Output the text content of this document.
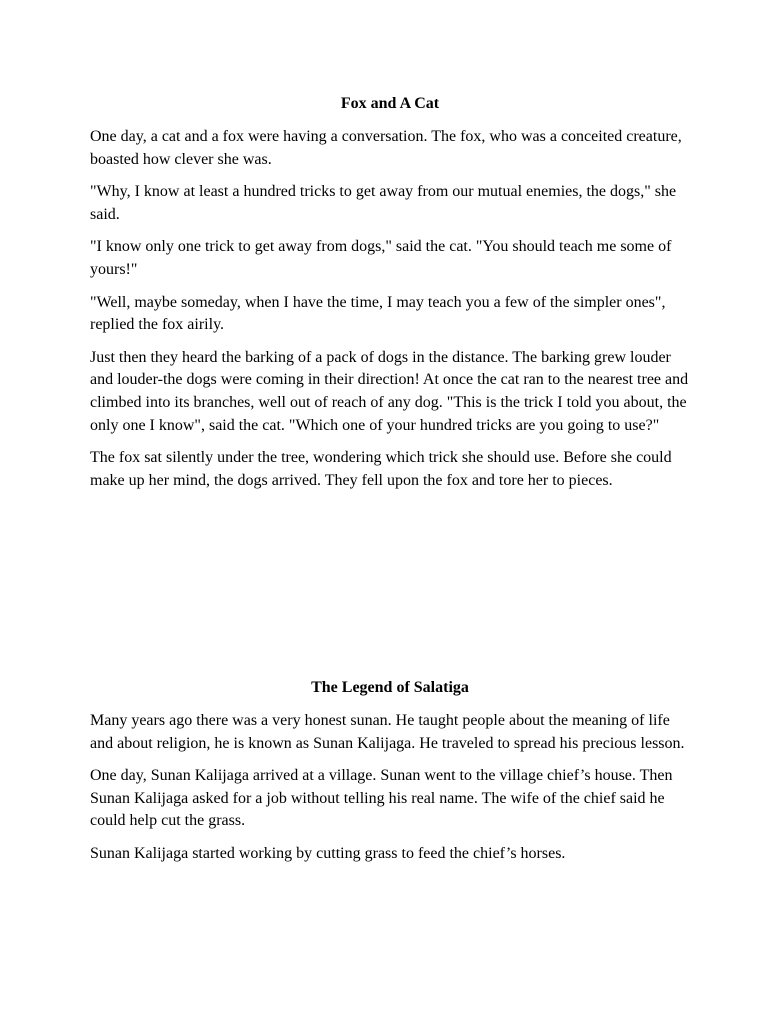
Fox and A Cat

One day, a cat and a fox were having a conversation. The fox, who was a conceited creature, boasted how clever she was.

"Why, I know at least a hundred tricks to get away from our mutual enemies, the dogs," she said.

"I know only one trick to get away from dogs," said the cat. "You should teach me some of yours!"

"Well, maybe someday, when I have the time, I may teach you a few of the simpler ones", replied the fox airily.

Just then they heard the barking of a pack of dogs in the distance. The barking grew louder and louder-the dogs were coming in their direction! At once the cat ran to the nearest tree and climbed into its branches, well out of reach of any dog. "This is the trick I told you about, the only one I know", said the cat. "Which one of your hundred tricks are you going to use?"

The fox sat silently under the tree, wondering which trick she should use. Before she could make up her mind, the dogs arrived. They fell upon the fox and tore her to pieces.

The Legend of Salatiga

Many years ago there was a very honest sunan. He taught people about the meaning of life and about religion, he is known as Sunan Kalijaga. He traveled to spread his precious lesson.

One day, Sunan Kalijaga arrived at a village. Sunan went to the village chief’s house. Then Sunan Kalijaga asked for a job without telling his real name. The wife of the chief said he could help cut the grass.

Sunan Kalijaga started working by cutting grass to feed the chief’s horses.
